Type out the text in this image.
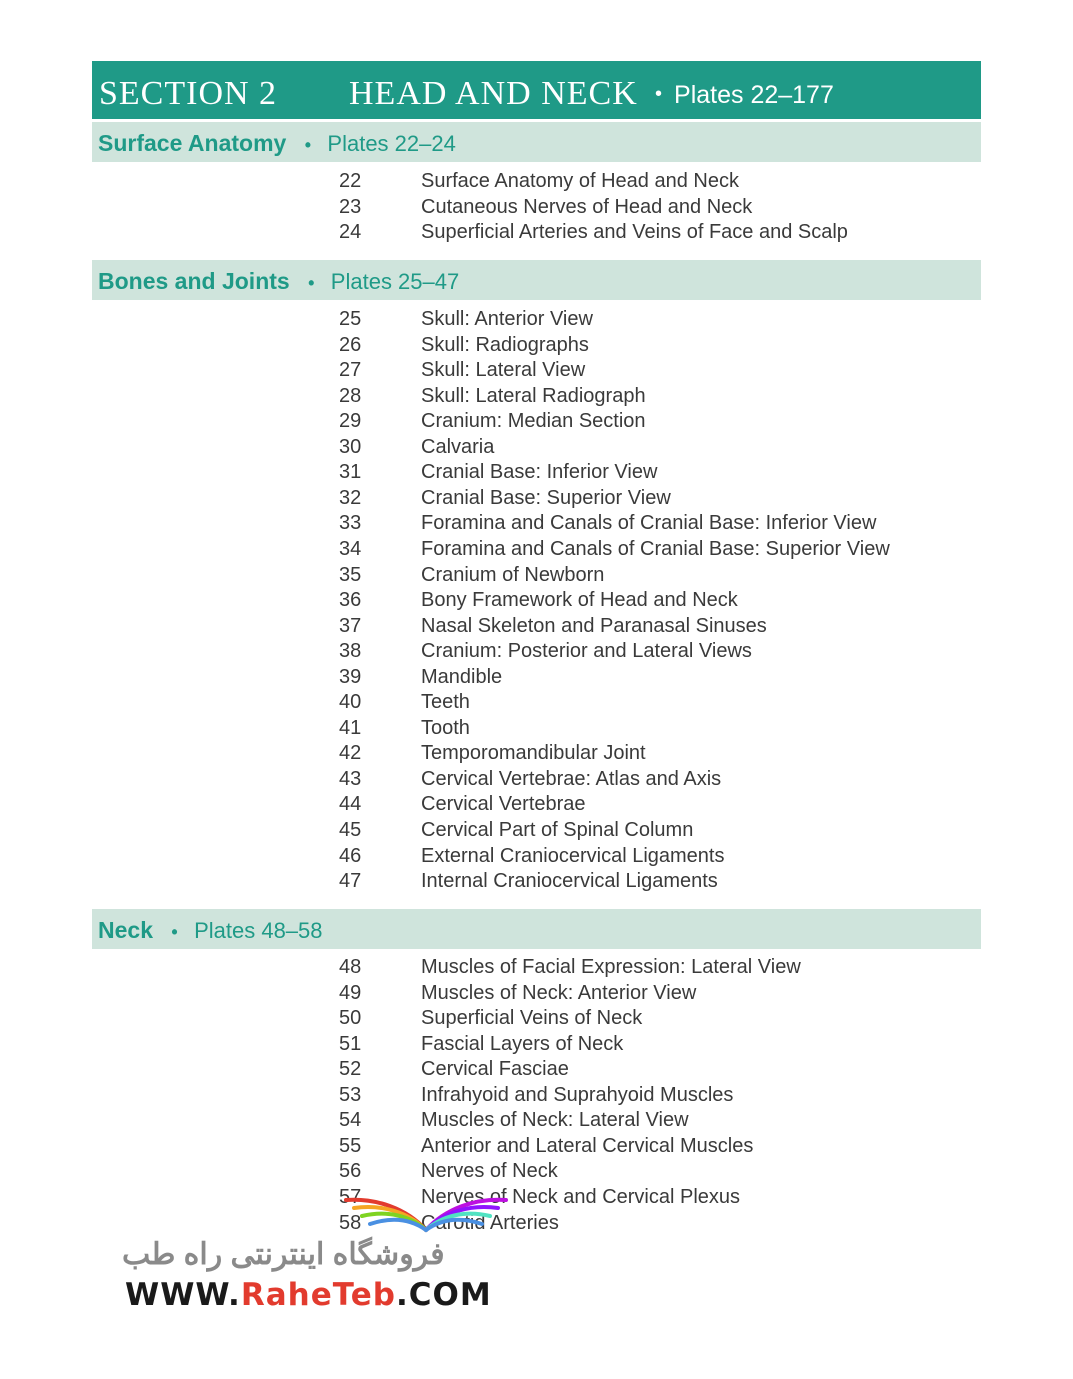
SECTION 2 HEAD AND NECK • Plates 22–177
Surface Anatomy • Plates 22–24
22	Surface Anatomy of Head and Neck
23	Cutaneous Nerves of Head and Neck
24	Superficial Arteries and Veins of Face and Scalp
Bones and Joints • Plates 25–47
25	Skull: Anterior View
26	Skull: Radiographs
27	Skull: Lateral View
28	Skull: Lateral Radiograph
29	Cranium: Median Section
30	Calvaria
31	Cranial Base: Inferior View
32	Cranial Base: Superior View
33	Foramina and Canals of Cranial Base: Inferior View
34	Foramina and Canals of Cranial Base: Superior View
35	Cranium of Newborn
36	Bony Framework of Head and Neck
37	Nasal Skeleton and Paranasal Sinuses
38	Cranium: Posterior and Lateral Views
39	Mandible
40	Teeth
41	Tooth
42	Temporomandibular Joint
43	Cervical Vertebrae: Atlas and Axis
44	Cervical Vertebrae
45	Cervical Part of Spinal Column
46	External Craniocervical Ligaments
47	Internal Craniocervical Ligaments
Neck • Plates 48–58
48	Muscles of Facial Expression: Lateral View
49	Muscles of Neck: Anterior View
50	Superficial Veins of Neck
51	Fascial Layers of Neck
52	Cervical Fasciae
53	Infrahyoid and Suprahyoid Muscles
54	Muscles of Neck: Lateral View
55	Anterior and Lateral Cervical Muscles
56	Nerves of Neck
57	Nerves of Neck and Cervical Plexus
58	Carotid Arteries
فروشگاه اینترنتی راه طب
WWW.RaheTeb.COM
